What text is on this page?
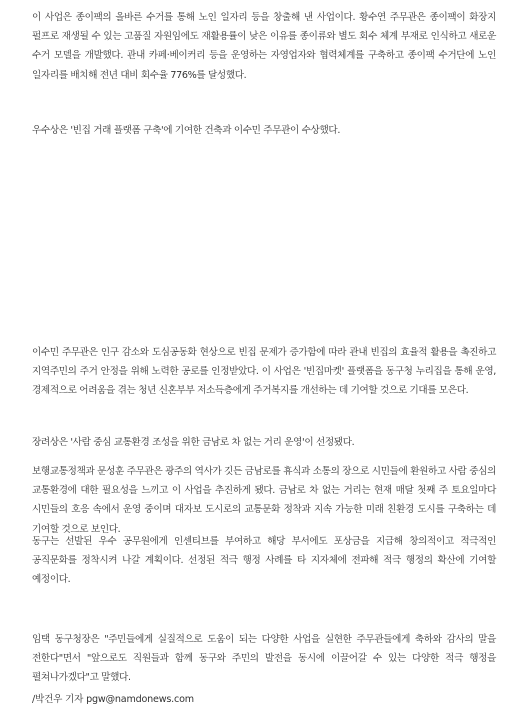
이 사업은 종이팩의 올바른 수거를 통해 노인 일자리 등을 창출해 낸 사업이다. 황수연 주무관은 종이팩이 화장지 펄프로 재생될 수 있는 고품질 자원임에도 재활용률이 낮은 이유를 종이류와 별도 회수 체계 부재로 인식하고 새로운 수거 모델을 개발했다. 관내 카페·베이커리 등을 운영하는 자영업자와 협력체계를 구축하고 종이팩 수거단에 노인 일자리를 배치해 전년 대비 회수율 776%를 달성했다.

우수상은 '빈집 거래 플랫폼 구축'에 기여한 건축과 이수민 주무관이 수상했다.

이수민 주무관은 인구 감소와 도심공동화 현상으로 빈집 문제가 증가함에 따라 관내 빈집의 효율적 활용을 촉진하고 지역주민의 주거 안정을 위해 노력한 공로를 인정받았다. 이 사업은 '빈집마켓' 플랫폼을 동구청 누리집을 통해 운영, 경제적으로 어려움을 겪는 청년 신혼부부 저소득층에게 주거복지를 개선하는 데 기여할 것으로 기대를 모은다.

장려상은 '사람 중심 교통환경 조성을 위한 금남로 차 없는 거리 운영'이 선정됐다.

보행교통정책과 문성훈 주무관은 광주의 역사가 깃든 금남로를 휴식과 소통의 장으로 시민들에 환원하고 사람 중심의 교통환경에 대한 필요성을 느끼고 이 사업을 추진하게 됐다. 금남로 차 없는 거리는 현재 매달 첫째 주 토요일마다 시민들의 호응 속에서 운영 중이며 대자보 도시로의 교통문화 정착과 지속 가능한 미래 친환경 도시를 구축하는 데 기여할 것으로 보인다.

동구는 선발된 우수 공무원에게 인센티브를 부여하고 해당 부서에도 포상금을 지급해 창의적이고 적극적인 공직문화를 정착시켜 나갈 계획이다. 선정된 적극 행정 사례를 타 지자체에 전파해 적극 행정의 확산에 기여할 예정이다.

임택 동구청장은 "주민들에게 실질적으로 도움이 되는 다양한 사업을 실현한 주무관들에게 축하와 감사의 말을 전한다"면서 "앞으로도 직원들과 함께 동구와 주민의 발전을 동시에 이끌어갈 수 있는 다양한 적극 행정을 펼쳐나가겠다"고 말했다.

/박건우 기자 pgw@namdonews.com
